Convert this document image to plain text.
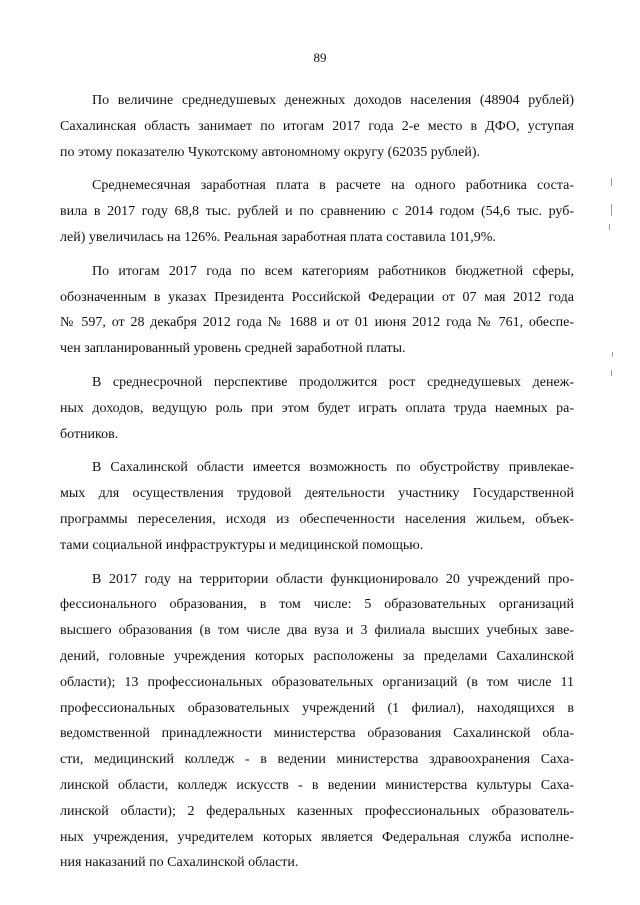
89

По величине среднедушевых денежных доходов населения (48904 рублей)
Сахалинская область занимает по итогам 2017 года 2-е место в ДФО, уступая
по этому показателю Чукотскому автономному округу (62035 рублей).

Среднемесячная заработная плата в расчете на одного работника соста-
вила в 2017 году 68,8 тыс. рублей и по сравнению с 2014 годом (54,6 тыс. руб-
лей) увеличилась на 126%. Реальная заработная плата составила 101,9%.

По итогам 2017 года по всем категориям работников бюджетной сферы,
обозначенным в указах Президента Российской Федерации от 07 мая 2012 года
№ 597, от 28 декабря 2012 года № 1688 и от 01 июня 2012 года № 761, обеспе-
чен запланированный уровень средней заработной платы.

В среднесрочной перспективе продолжится рост среднедушевых денеж-
ных доходов, ведущую роль при этом будет играть оплата труда наемных ра-
ботников.

В Сахалинской области имеется возможность по обустройству привлекае-
мых для осуществления трудовой деятельности участнику Государственной
программы переселения, исходя из обеспеченности населения жильем, объек-
тами социальной инфраструктуры и медицинской помощью.

В 2017 году на территории области функционировало 20 учреждений про-
фессионального образования, в том числе: 5 образовательных организаций
высшего образования (в том числе два вуза и 3 филиала высших учебных заве-
дений, головные учреждения которых расположены за пределами Сахалинской
области); 13 профессиональных образовательных организаций (в том числе 11
профессиональных образовательных учреждений (1 филиал), находящихся в
ведомственной принадлежности министерства образования Сахалинской обла-
сти, медицинский колледж - в ведении министерства здравоохранения Саха-
линской области, колледж искусств - в ведении министерства культуры Саха-
линской области); 2 федеральных казенных профессиональных образователь-
ных учреждения, учредителем которых является Федеральная служба исполне-
ния наказаний по Сахалинской области.
